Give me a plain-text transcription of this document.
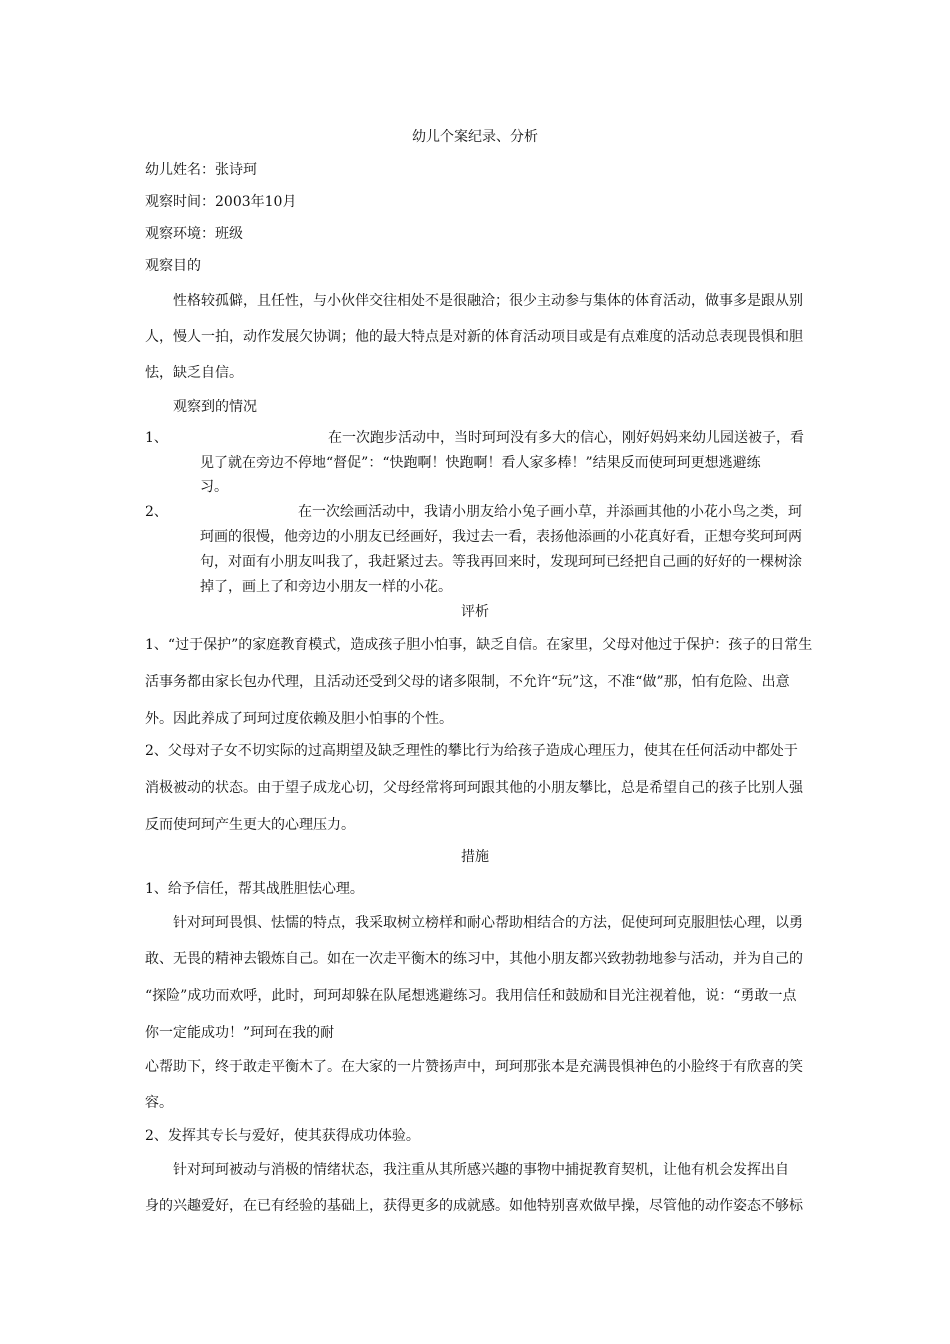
幼儿个案纪录、分析
幼儿姓名：张诗珂
观察时间：2003年10月
观察环境：班级
观察目的
性格较孤僻，且任性，与小伙伴交往相处不是很融洽；很少主动参与集体的体育活动，做事多是跟从别
人，慢人一拍，动作发展欠协调；他的最大特点是对新的体育活动项目或是有点难度的活动总表现畏惧和胆
怯，缺乏自信。
观察到的情况
1、	在一次跑步活动中，当时珂珂没有多大的信心，刚好妈妈来幼儿园送被子，看
见了就在旁边不停地“督促”：“快跑啊！快跑啊！看人家多棒！”结果反而使珂珂更想逃避练
习。
2、	在一次绘画活动中，我请小朋友给小兔子画小草，并添画其他的小花小鸟之类，珂
珂画的很慢，他旁边的小朋友已经画好，我过去一看，表扬他添画的小花真好看，正想夸奖珂珂两
句，对面有小朋友叫我了，我赶紧过去。等我再回来时，发现珂珂已经把自己画的好好的一棵树涂
掉了，画上了和旁边小朋友一样的小花。
评析
1、“过于保护”的家庭教育模式，造成孩子胆小怕事，缺乏自信。在家里，父母对他过于保护：孩子的日常生
活事务都由家长包办代理，且活动还受到父母的诸多限制，不允许“玩”这，不准“做”那，怕有危险、出意
外。因此养成了珂珂过度依赖及胆小怕事的个性。
2、父母对子女不切实际的过高期望及缺乏理性的攀比行为给孩子造成心理压力，使其在任何活动中都处于
消极被动的状态。由于望子成龙心切，父母经常将珂珂跟其他的小朋友攀比，总是希望自己的孩子比别人强
反而使珂珂产生更大的心理压力。
措施
1、给予信任，帮其战胜胆怯心理。
针对珂珂畏惧、怯懦的特点，我采取树立榜样和耐心帮助相结合的方法，促使珂珂克服胆怯心理，以勇
敢、无畏的精神去锻炼自己。如在一次走平衡木的练习中，其他小朋友都兴致勃勃地参与活动，并为自己的
“探险”成功而欢呼，此时，珂珂却躲在队尾想逃避练习。我用信任和鼓励和目光注视着他，说：“勇敢一点
你一定能成功！”珂珂在我的耐
心帮助下，终于敢走平衡木了。在大家的一片赞扬声中，珂珂那张本是充满畏惧神色的小脸终于有欣喜的笑
容。
2、发挥其专长与爱好，使其获得成功体验。
针对珂珂被动与消极的情绪状态，我注重从其所感兴趣的事物中捕捉教育契机，让他有机会发挥出自
身的兴趣爱好，在已有经验的基础上，获得更多的成就感。如他特别喜欢做早操，尽管他的动作姿态不够标
